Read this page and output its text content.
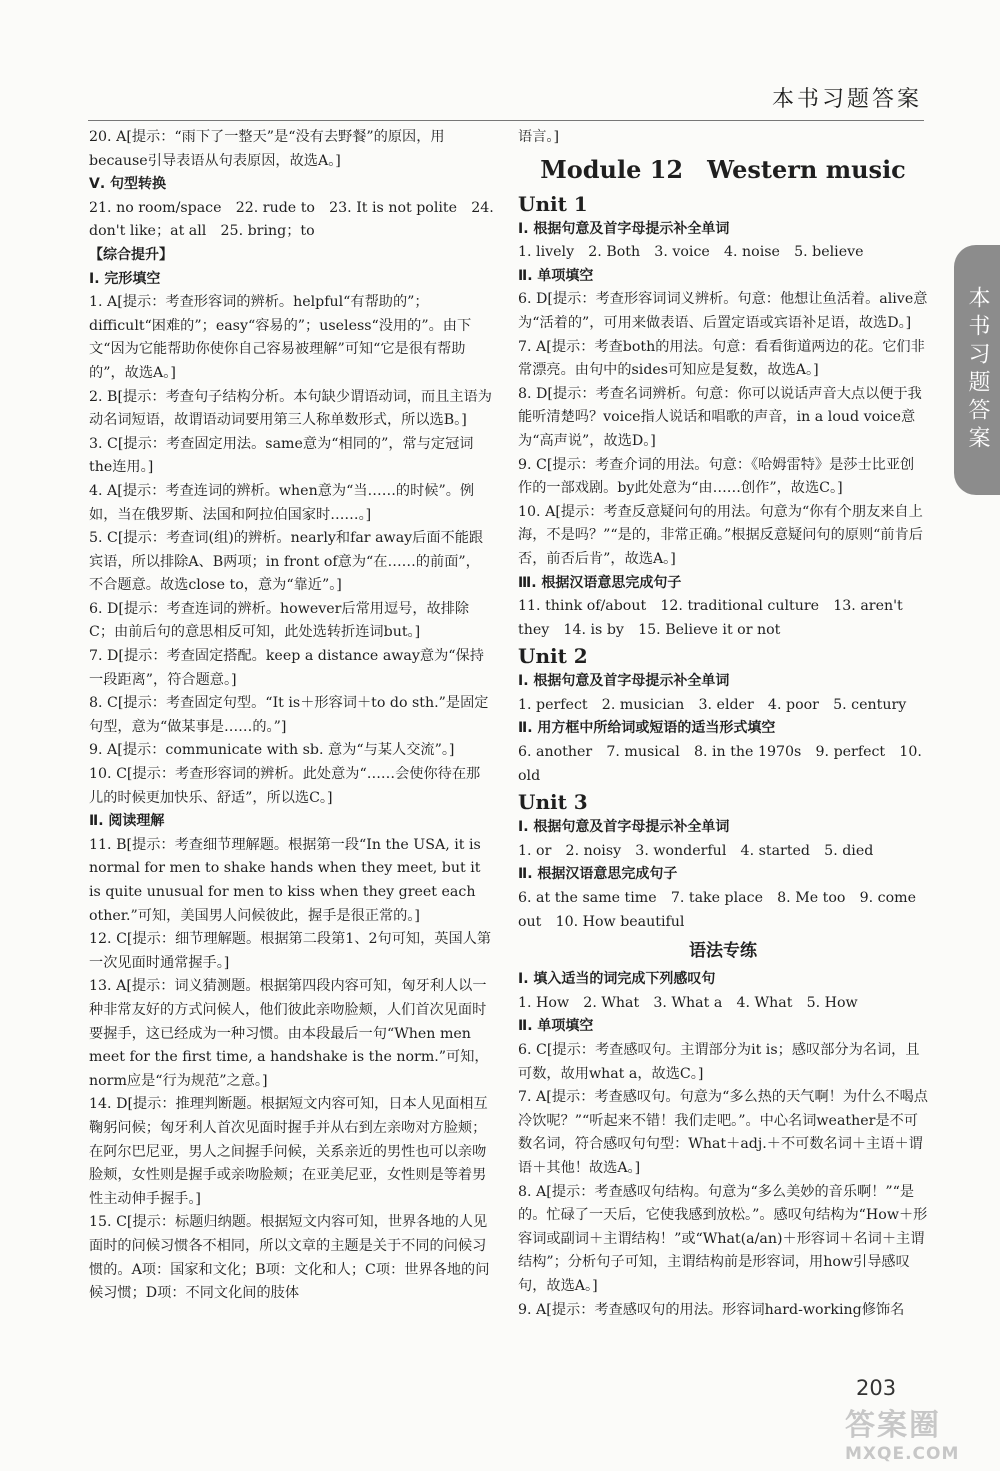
本书习题答案
本书习题答案
20. A[提示：“雨下了一整天”是“没有去野餐”的原因，用because引导表语从句表原因，故选A。]
Ⅴ. 句型转换
21. no room/space　22. rude to　23. It is not polite　24. don't like；at all　25. bring；to
【综合提升】
Ⅰ. 完形填空
1. A[提示：考查形容词的辨析。helpful“有帮助的”；difficult“困难的”；easy“容易的”；useless“没用的”。由下文“因为它能帮助你使你自己容易被理解”可知“它是很有帮助的”，故选A。]
2. B[提示：考查句子结构分析。本句缺少谓语动词，而且主语为动名词短语，故谓语动词要用第三人称单数形式，所以选B。]
3. C[提示：考查固定用法。same意为“相同的”，常与定冠词the连用。]
4. A[提示：考查连词的辨析。when意为“当……的时候”。例如，当在俄罗斯、法国和阿拉伯国家时……。]
5. C[提示：考查词(组)的辨析。nearly和far away后面不能跟宾语，所以排除A、B两项；in front of意为“在……的前面”，不合题意。故选close to，意为“靠近”。]
6. D[提示：考查连词的辨析。however后常用逗号，故排除C；由前后句的意思相反可知，此处选转折连词but。]
7. D[提示：考查固定搭配。keep a distance away意为“保持一段距离”，符合题意。]
8. C[提示：考查固定句型。“It is＋形容词＋to do sth.”是固定句型，意为“做某事是……的。”]
9. A[提示：communicate with sb. 意为“与某人交流”。]
10. C[提示：考查形容词的辨析。此处意为“……会使你待在那儿的时候更加快乐、舒适”，所以选C。]
Ⅱ. 阅读理解
11. B[提示：考查细节理解题。根据第一段“In the USA, it is normal for men to shake hands when they meet, but it is quite unusual for men to kiss when they greet each other.”可知，美国男人问候彼此，握手是很正常的。]
12. C[提示：细节理解题。根据第二段第1、2句可知，英国人第一次见面时通常握手。]
13. A[提示：词义猜测题。根据第四段内容可知，匈牙利人以一种非常友好的方式问候人，他们彼此亲吻脸颊，人们首次见面时要握手，这已经成为一种习惯。由本段最后一句“When men meet for the first time, a handshake is the norm.”可知，norm应是“行为规范”之意。]
14. D[提示：推理判断题。根据短文内容可知，日本人见面相互鞠躬问候；匈牙利人首次见面时握手并从右到左亲吻对方脸颊；在阿尔巴尼亚，男人之间握手问候，关系亲近的男性也可以亲吻脸颊，女性则是握手或亲吻脸颊；在亚美尼亚，女性则是等着男性主动伸手握手。]
15. C[提示：标题归纳题。根据短文内容可知，世界各地的人见面时的问候习惯各不相同，所以文章的主题是关于不同的问候习惯的。A项：国家和文化；B项：文化和人；C项：世界各地的问候习惯；D项：不同文化间的肢体
语言。]
Module 12　Western music
Unit 1
Ⅰ. 根据句意及首字母提示补全单词
1. lively　2. Both　3. voice　4. noise　5. believe
Ⅱ. 单项填空
6. D[提示：考查形容词词义辨析。句意：他想让鱼活着。alive意为“活着的”，可用来做表语、后置定语或宾语补足语，故选D。]
7. A[提示：考查both的用法。句意：看看街道两边的花。它们非常漂亮。由句中的sides可知应是复数，故选A。]
8. D[提示：考查名词辨析。句意：你可以说话声音大点以便于我能听清楚吗？voice指人说话和唱歌的声音，in a loud voice意为“高声说”，故选D。]
9. C[提示：考查介词的用法。句意：《哈姆雷特》是莎士比亚创作的一部戏剧。by此处意为“由……创作”，故选C。]
10. A[提示：考查反意疑问句的用法。句意为“你有个朋友来自上海，不是吗？”“是的，非常正确。”根据反意疑问句的原则“前肯后否，前否后肯”，故选A。]
Ⅲ. 根据汉语意思完成句子
11. think of/about　12. traditional culture　13. aren't they　14. is by　15. Believe it or not
Unit 2
Ⅰ. 根据句意及首字母提示补全单词
1. perfect　2. musician　3. elder　4. poor　5. century
Ⅱ. 用方框中所给词或短语的适当形式填空
6. another　7. musical　8. in the 1970s　9. perfect　10. old
Unit 3
Ⅰ. 根据句意及首字母提示补全单词
1. or　2. noisy　3. wonderful　4. started　5. died
Ⅱ. 根据汉语意思完成句子
6. at the same time　7. take place　8. Me too　9. come out　10. How beautiful
语法专练
Ⅰ. 填入适当的词完成下列感叹句
1. How　2. What　3. What a　4. What　5. How
Ⅱ. 单项填空
6. C[提示：考查感叹句。主谓部分为it is；感叹部分为名词，且可数，故用what a，故选C。]
7. A[提示：考查感叹句。句意为“多么热的天气啊！为什么不喝点冷饮呢？”“听起来不错！我们走吧。”。中心名词weather是不可数名词，符合感叹句句型：What＋adj.＋不可数名词＋主语＋谓语＋其他！故选A。]
8. A[提示：考查感叹句结构。句意为“多么美妙的音乐啊！”“是的。忙碌了一天后，它使我感到放松。”。感叹句结构为“How＋形容词或副词＋主谓结构！”或“What(a/an)＋形容词＋名词＋主谓结构”；分析句子可知，主谓结构前是形容词，用how引导感叹句，故选A。]
9. A[提示：考查感叹句的用法。形容词hard-working修饰名
203
答案圈
MXQE.COM
